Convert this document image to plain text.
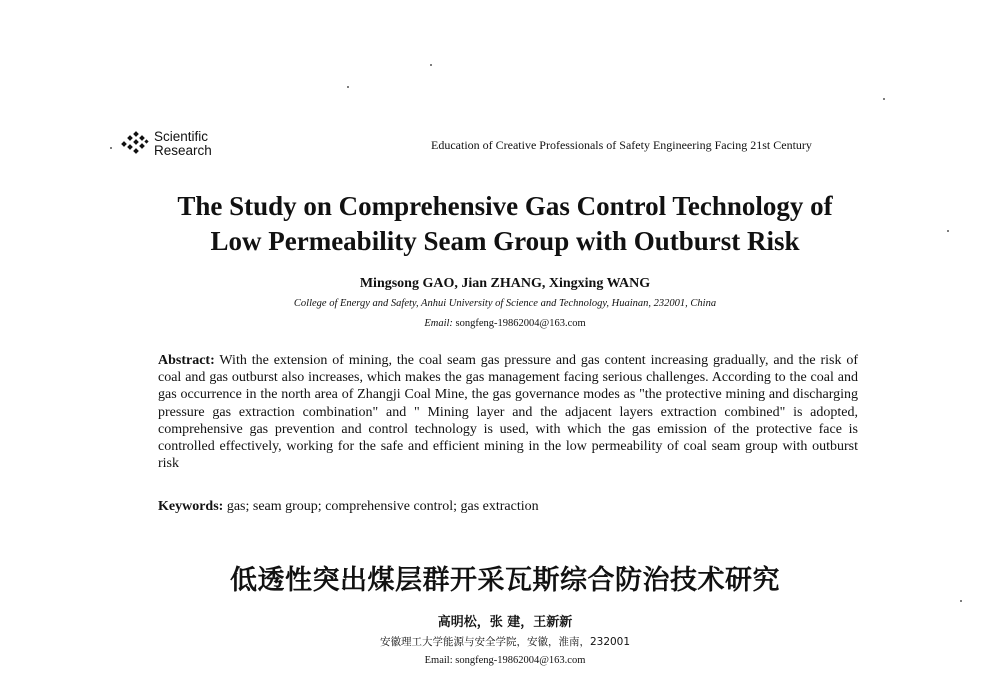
Scientific
Research	Education of Creative Professionals of Safety Engineering Facing 21st Century
The Study on Comprehensive Gas Control Technology of
Low Permeability Seam Group with Outburst Risk
Mingsong GAO, Jian ZHANG, Xingxing WANG
College of Energy and Safety, Anhui University of Science and Technology, Huainan, 232001, China
Email: songfeng-19862004@163.com
Abstract: With the extension of mining, the coal seam gas pressure and gas content increasing gradually, and the risk of coal and gas outburst also increases, which makes the gas management facing serious challenges. According to the coal and gas occurrence in the north area of Zhangji Coal Mine, the gas governance modes as "the protective mining and discharging pressure gas extraction combination" and " Mining layer and the adjacent layers extraction combined" is adopted, comprehensive gas prevention and control technology is used, with which the gas emission of the protective face is controlled effectively, working for the safe and efficient mining in the low permeability of coal seam group with outburst risk
Keywords: gas; seam group; comprehensive control; gas extraction
低透性突出煤层群开采瓦斯综合防治技术研究
高明松，张 建，王新新
安徽理工大学能源与安全学院，安徽，淮南，232001
Email: songfeng-19862004@163.com
